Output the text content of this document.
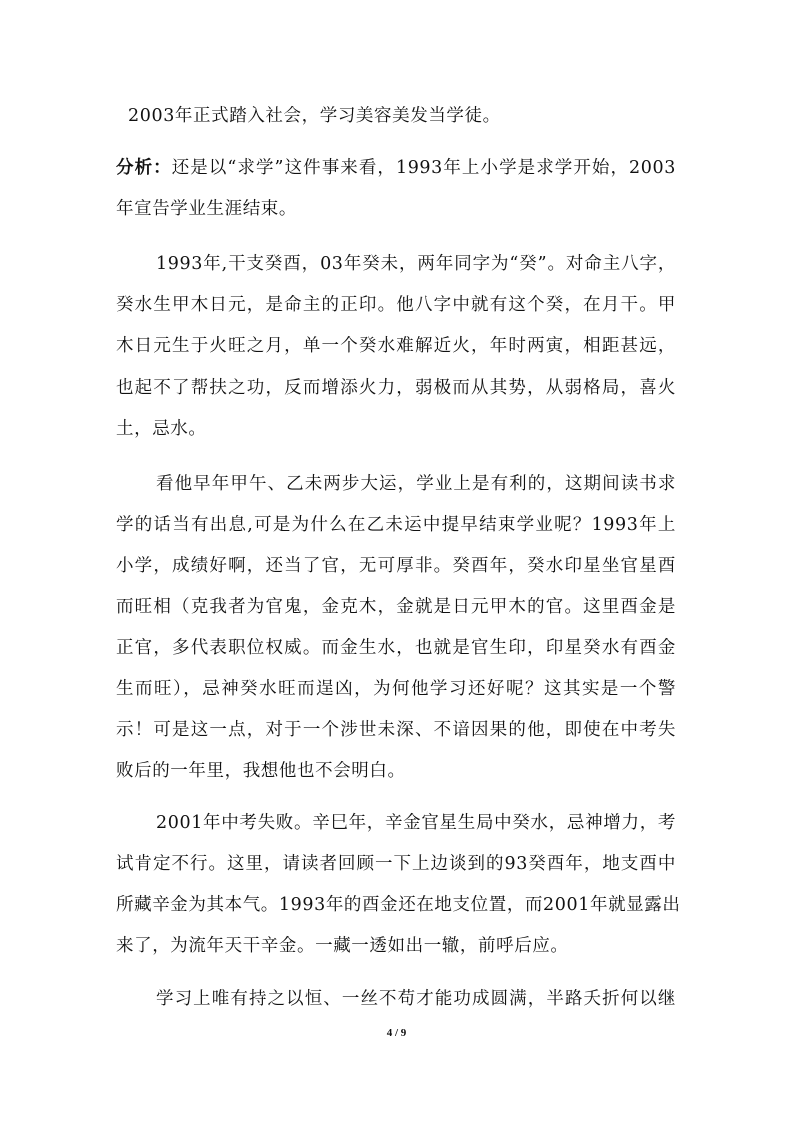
2003年正式踏入社会，学习美容美发当学徒。
分析：还是以“求学”这件事来看，1993年上小学是求学开始，2003
年宣告学业生涯结束。
1993年,干支癸酉，03年癸未，两年同字为“癸”。对命主八字，
癸水生甲木日元，是命主的正印。他八字中就有这个癸，在月干。甲
木日元生于火旺之月，单一个癸水难解近火，年时两寅，相距甚远，
也起不了帮扶之功，反而增添火力，弱极而从其势，从弱格局，喜火
土，忌水。
看他早年甲午、乙未两步大运，学业上是有利的，这期间读书求
学的话当有出息,可是为什么在乙未运中提早结束学业呢？1993年上
小学，成绩好啊，还当了官，无可厚非。癸酉年，癸水印星坐官星酉
而旺相（克我者为官鬼，金克木，金就是日元甲木的官。这里酉金是
正官，多代表职位权威。而金生水，也就是官生印，印星癸水有酉金
生而旺），忌神癸水旺而逞凶，为何他学习还好呢？这其实是一个警
示！可是这一点，对于一个涉世未深、不谙因果的他，即使在中考失
败后的一年里，我想他也不会明白。
2001年中考失败。辛巳年，辛金官星生局中癸水，忌神增力，考
试肯定不行。这里，请读者回顾一下上边谈到的93癸酉年，地支酉中
所藏辛金为其本气。1993年的酉金还在地支位置，而2001年就显露出
来了，为流年天干辛金。一藏一透如出一辙，前呼后应。
学习上唯有持之以恒、一丝不苟才能功成圆满，半路夭折何以继
4 / 9
